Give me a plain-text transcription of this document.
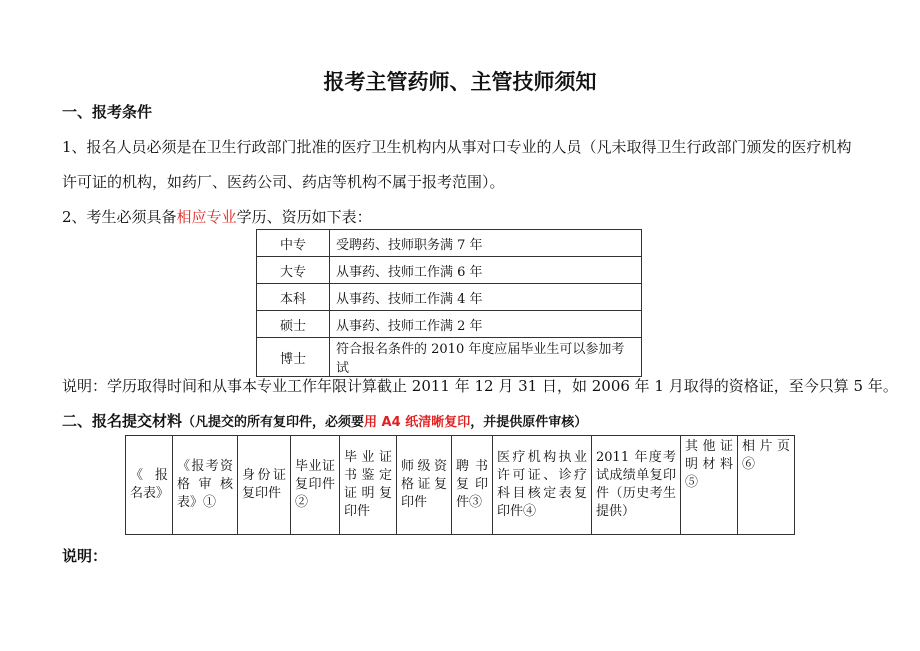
报考主管药师、主管技师须知
一、报考条件
1、报名人员必须是在卫生行政部门批准的医疗卫生机构内从事对口专业的人员（凡未取得卫生行政部门颁发的医疗机构
许可证的机构，如药厂、医药公司、药店等机构不属于报考范围）。
2、考生必须具备相应专业学历、资历如下表：
中专	受聘药、技师职务满 7 年
大专	从事药、技师工作满 6 年
本科	从事药、技师工作满 4 年
硕士	从事药、技师工作满 2 年
博士	符合报名条件的 2010 年度应届毕业生可以参加考试
说明：学历取得时间和从事本专业工作年限计算截止 2011 年 12 月 31 日，如 2006 年 1 月取得的资格证，至今只算 5 年。
二、报名提交材料（凡提交的所有复印件，必须要用 A4 纸清晰复印，并提供原件审核）
《报名表》	《报考资格审核表》①	身份证复印件	毕业证复印件②	毕业证书鉴定证明复印件	师级资格证复印件	聘书复印件③	医疗机构执业许可证、诊疗科目核定表复印件④	2011 年度考试成绩单复印件（历史考生提供）	其他证明材料⑤	相片页⑥
说明：
